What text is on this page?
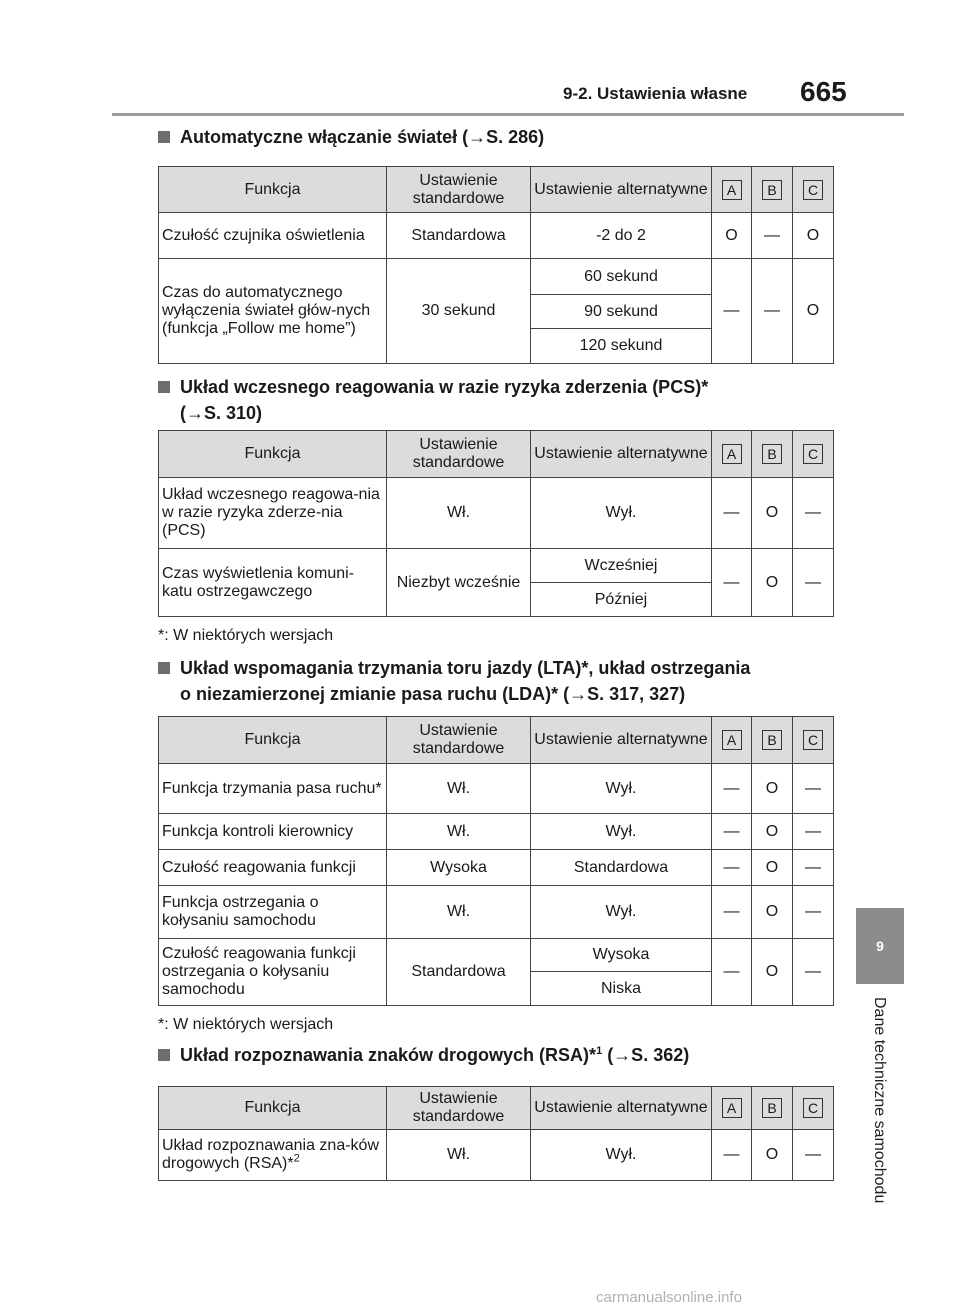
9-2. Ustawienia własne 665
9
Dane techniczne samochodu
Automatyczne włączanie świateł (→S. 286)
Funkcja	Ustawienie standardowe	Ustawienie alternatywne	A	B	C
Czułość czujnika oświetlenia	Standardowa	-2 do 2	O	—	O
Czas do automatycznego wyłączenia świateł głów-nych (funkcja „Follow me home”)	30 sekund	60 sekund	—	—	O
		90 sekund			
		120 sekund			
Układ wczesnego reagowania w razie ryzyka zderzenia (PCS)*
(→S. 310)
Funkcja	Ustawienie standardowe	Ustawienie alternatywne	A	B	C
Układ wczesnego reagowa-nia w razie ryzyka zderze-nia (PCS)	Wł.	Wył.	—	O	—
Czas wyświetlenia komuni-katu ostrzegawczego	Niezbyt wcześnie	Wcześniej	—	O	—
		Później			
*: W niektórych wersjach
Układ wspomagania trzymania toru jazdy (LTA)*, układ ostrzegania
o niezamierzonej zmianie pasa ruchu (LDA)* (→S. 317, 327)
Funkcja	Ustawienie standardowe	Ustawienie alternatywne	A	B	C
Funkcja trzymania pasa ruchu*	Wł.	Wył.	—	O	—
Funkcja kontroli kierownicy	Wł.	Wył.	—	O	—
Czułość reagowania funkcji	Wysoka	Standardowa	—	O	—
Funkcja ostrzegania o kołysaniu samochodu	Wł.	Wył.	—	O	—
Czułość reagowania funkcji ostrzegania o kołysaniu samochodu	Standardowa	Wysoka	—	O	—
		Niska			
*: W niektórych wersjach
Układ rozpoznawania znaków drogowych (RSA)*$^1$ (→S. 362)
Funkcja	Ustawienie standardowe	Ustawienie alternatywne	A	B	C
Układ rozpoznawania zna-ków drogowych (RSA)*$^2$	Wł.	Wył.	—	O	—
carmanualsonline.info
